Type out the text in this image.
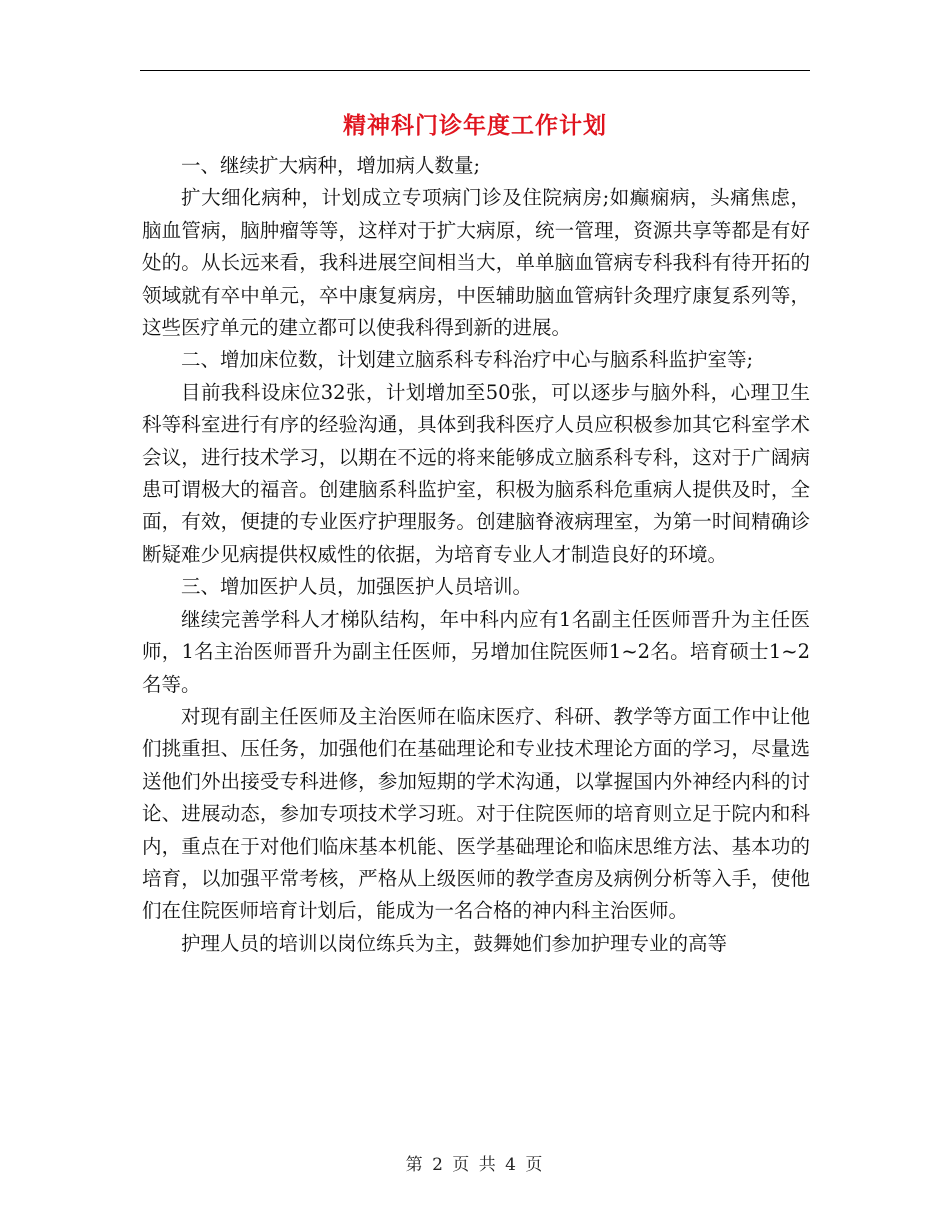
精神科门诊年度工作计划

一、继续扩大病种，增加病人数量;

扩大细化病种，计划成立专项病门诊及住院病房;如癫痫病，头痛焦虑，脑血管病，脑肿瘤等等，这样对于扩大病原，统一管理，资源共享等都是有好处的。从长远来看，我科进展空间相当大，单单脑血管病专科我科有待开拓的领域就有卒中单元，卒中康复病房，中医辅助脑血管病针灸理疗康复系列等，这些医疗单元的建立都可以使我科得到新的进展。

二、增加床位数，计划建立脑系科专科治疗中心与脑系科监护室等;

目前我科设床位32张，计划增加至50张，可以逐步与脑外科，心理卫生科等科室进行有序的经验沟通，具体到我科医疗人员应积极参加其它科室学术会议，进行技术学习，以期在不远的将来能够成立脑系科专科，这对于广阔病患可谓极大的福音。创建脑系科监护室，积极为脑系科危重病人提供及时，全面，有效，便捷的专业医疗护理服务。创建脑脊液病理室，为第一时间精确诊断疑难少见病提供权威性的依据，为培育专业人才制造良好的环境。

三、增加医护人员，加强医护人员培训。

继续完善学科人才梯队结构，年中科内应有1名副主任医师晋升为主任医师，1名主治医师晋升为副主任医师，另增加住院医师1~2名。培育硕士1~2名等。

对现有副主任医师及主治医师在临床医疗、科研、教学等方面工作中让他们挑重担、压任务，加强他们在基础理论和专业技术理论方面的学习，尽量选送他们外出接受专科进修，参加短期的学术沟通，以掌握国内外神经内科的讨论、进展动态，参加专项技术学习班。对于住院医师的培育则立足于院内和科内，重点在于对他们临床基本机能、医学基础理论和临床思维方法、基本功的培育，以加强平常考核，严格从上级医师的教学查房及病例分析等入手，使他们在住院医师培育计划后，能成为一名合格的神内科主治医师。

护理人员的培训以岗位练兵为主，鼓舞她们参加护理专业的高等

第 2 页 共 4 页
